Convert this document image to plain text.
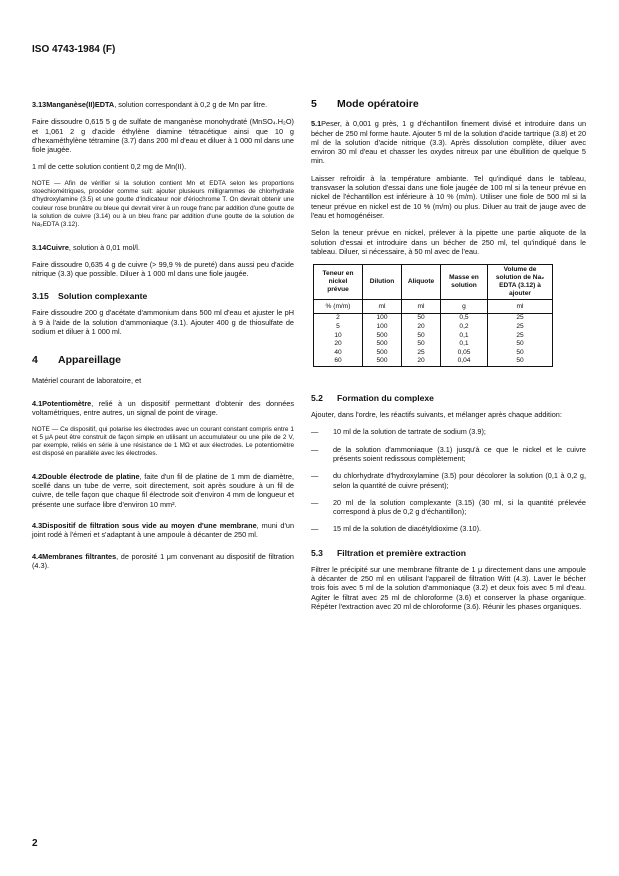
ISO 4743-1984 (F)

3.13Manganèse(II)EDTA, solution correspondant à 0,2 g de Mn par litre.

Faire dissoudre 0,615 5 g de sulfate de manganèse monohydraté (MnSO₄.H₂O) et 1,061 2 g d'acide éthylène diamine tétracétique ainsi que 10 g d'hexaméthylène tétramine (3.7) dans 200 ml d'eau et diluer à 1 000 ml dans une fiole jaugée.

1 ml de cette solution contient 0,2 mg de Mn(II).

NOTE — Afin de vérifier si la solution contient Mn et EDTA selon les proportions stoechiométriques, procéder comme suit: ajouter plusieurs milligrammes de chlorhydrate d'hydroxylamine (3.5) et une goutte d'indicateur noir d'ériochrome T. On devrait obtenir une couleur rose brunâtre ou bleue qui devrait virer à un rouge franc par addition d'une goutte de la solution de cuivre (3.14) ou à un bleu franc par addition d'une goutte de la solution de Na₂EDTA (3.12).

3.14Cuivre, solution à 0,01 mol/l.

Faire dissoudre 0,635 4 g de cuivre (> 99,9 % de pureté) dans aussi peu d'acide nitrique (3.3) que possible. Diluer à 1 000 ml dans une fiole jaugée.

3.15 Solution complexante

Faire dissoudre 200 g d'acétate d'ammonium dans 500 ml d'eau et ajuster le pH à 9 à l'aide de la solution d'ammoniaque (3.1). Ajouter 400 g de thiosulfate de sodium et diluer à 1 000 ml.

4 Appareillage

Matériel courant de laboratoire, et

4.1Potentiomètre, relié à un dispositif permettant d'obtenir des données voltamétriques, entre autres, un signal de point de virage.

NOTE — Ce dispositif, qui polarise les électrodes avec un courant constant compris entre 1 et 5 μA peut être construit de façon simple en utilisant un accumulateur ou une pile de 2 V, par exemple, reliés en série à une résistance de 1 MΩ et aux électrodes. Le potentiomètre est disposé en parallèle avec les électrodes.

4.2Double électrode de platine, faite d'un fil de platine de 1 mm de diamètre, scellé dans un tube de verre, soit directement, soit après soudure à un fil de cuivre, de telle façon que chaque fil électrode soit d'environ 4 mm de longueur et présente une surface libre d'environ 10 mm².

4.3Dispositif de filtration sous vide au moyen d'une membrane, muni d'un joint rodé à l'émeri et s'adaptant à une ampoule à décanter de 250 ml.

4.4Membranes filtrantes, de porosité 1 μm convenant au dispositif de filtration (4.3).

5 Mode opératoire

5.1Peser, à 0,001 g près, 1 g d'échantillon finement divisé et introduire dans un bécher de 250 ml forme haute. Ajouter 5 ml de la solution d'acide tartrique (3.8) et 20 ml de la solution d'acide nitrique (3.3). Après dissolution complète, diluer avec environ 30 ml d'eau et chasser les oxydes nitreux par une ébullition de quelque 5 min.

Laisser refroidir à la température ambiante. Tel qu'indiqué dans le tableau, transvaser la solution d'essai dans une fiole jaugée de 100 ml si la teneur prévue en nickel de l'échantillon est inférieure à 10 % (m/m). Utiliser une fiole de 500 ml si la teneur prévue en nickel est de 10 % (m/m) ou plus. Diluer au trait de jauge avec de l'eau et homogénéiser.

Selon la teneur prévue en nickel, prélever à la pipette une partie aliquote de la solution d'essai et introduire dans un bécher de 250 ml, tel qu'indiqué dans le tableau. Diluer, si nécessaire, à 50 ml avec de l'eau.

Teneur en nickel prévue	Dilution	Aliquote	Masse en solution	Volume de solution de Na₂ EDTA (3.12) à ajouter
% (m/m)	ml	ml	g	ml
2	100	50	0,5	25
5	100	20	0,2	25
10	500	50	0,1	25
20	500	50	0,1	50
40	500	25	0,05	50
60	500	20	0,04	50
5.2 Formation du complexe

Ajouter, dans l'ordre, les réactifs suivants, et mélanger après chaque addition:

— 10 ml de la solution de tartrate de sodium (3.9);
— de la solution d'ammoniaque (3.1) jusqu'à ce que le nickel et le cuivre présents soient redissous complètement;
— du chlorhydrate d'hydroxylamine (3.5) pour décolorer la solution (0,1 à 0,2 g, selon la quantité de cuivre présent);
— 20 ml de la solution complexante (3.15) (30 ml, si la quantité prélevée correspond à plus de 0,2 g d'échantillon);
— 15 ml de la solution de diacétyldioxime (3.10).
5.3 Filtration et première extraction

Filtrer le précipité sur une membrane filtrante de 1 μ directement dans une ampoule à décanter de 250 ml en utilisant l'appareil de filtration Witt (4.3). Laver le bécher trois fois avec 5 ml de la solution d'ammoniaque (3.2) et deux fois avec 5 ml d'eau. Agiter le filtrat avec 25 ml de chloroforme (3.6) et conserver la phase organique. Répéter l'extraction avec 20 ml de chloroforme (3.6). Réunir les phases organiques.

2
